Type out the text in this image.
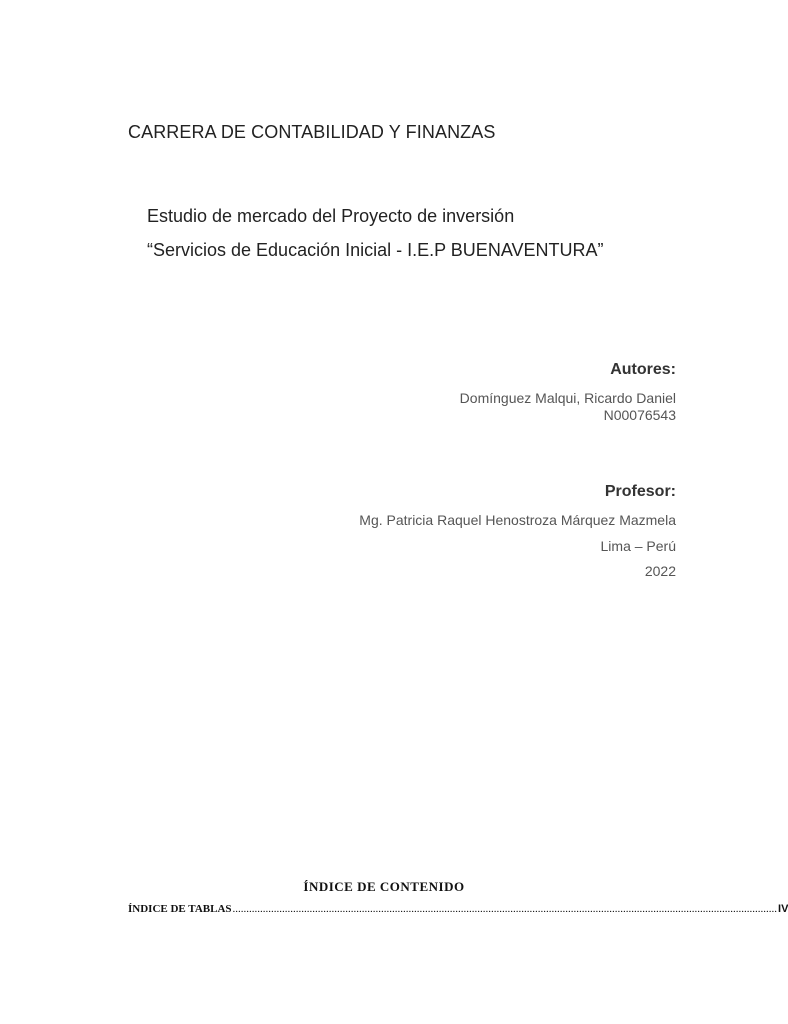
CARRERA DE CONTABILIDAD Y FINANZAS
Estudio de mercado del Proyecto de inversión
“Servicios de Educación Inicial - I.E.P BUENAVENTURA”
Autores:
Domínguez Malqui, Ricardo Daniel
N00076543
Profesor:
Mg. Patricia Raquel Henostroza Márquez Mazmela
Lima – Perú
2022
ÍNDICE DE CONTENIDO
ÍNDICE DE TABLAS ...................................................................................................................................................................................................... IV
